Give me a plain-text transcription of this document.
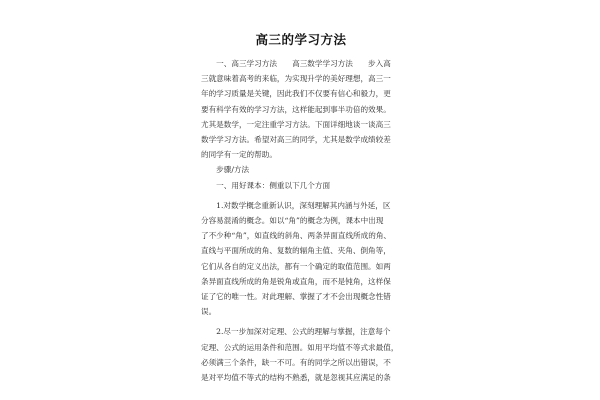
高三的学习方法

　　一、高三学习方法　　高三数学学习方法　　步入高

三就意味着高考的来临，为实现升学的美好理想，高三一

年的学习质量是关键，因此我们不仅要有信心和毅力，更

要有科学有效的学习方法，这样能起到事半功倍的效果。

尤其是数学，一定注重学习方法。下面详细地谈一谈高三

数学学习方法。希望对高三的同学，尤其是数学成绩较差

的同学有一定的帮助。

　　步骤/方法

　　一、用好课本：侧重以下几个方面

　　1.对数学概念重新认识，深刻理解其内涵与外延，区

分容易混淆的概念。如以“角”的概念为例，课本中出现

了不少种“角”，如直线的斜角、两条异面直线所成的角、

直线与平面所成的角、复数的辐角主值、夹角、倒角等，

它们从各自的定义出法，都有一个确定的取值范围。如两

条异面直线所成的角是锐角或直角，而不是钝角，这样保

证了它的唯一性。对此理解、掌握了才不会出现概念性错

误。

　　2.尽一步加深对定理、公式的理解与掌握，注意每个

定理、公式的运用条件和范围。如用平均值不等式求最值，

必须满三个条件，缺一不可。有的同学之所以出错误，不

是对平均值不等式的结构不熟悉，就是忽视其应满足的条
